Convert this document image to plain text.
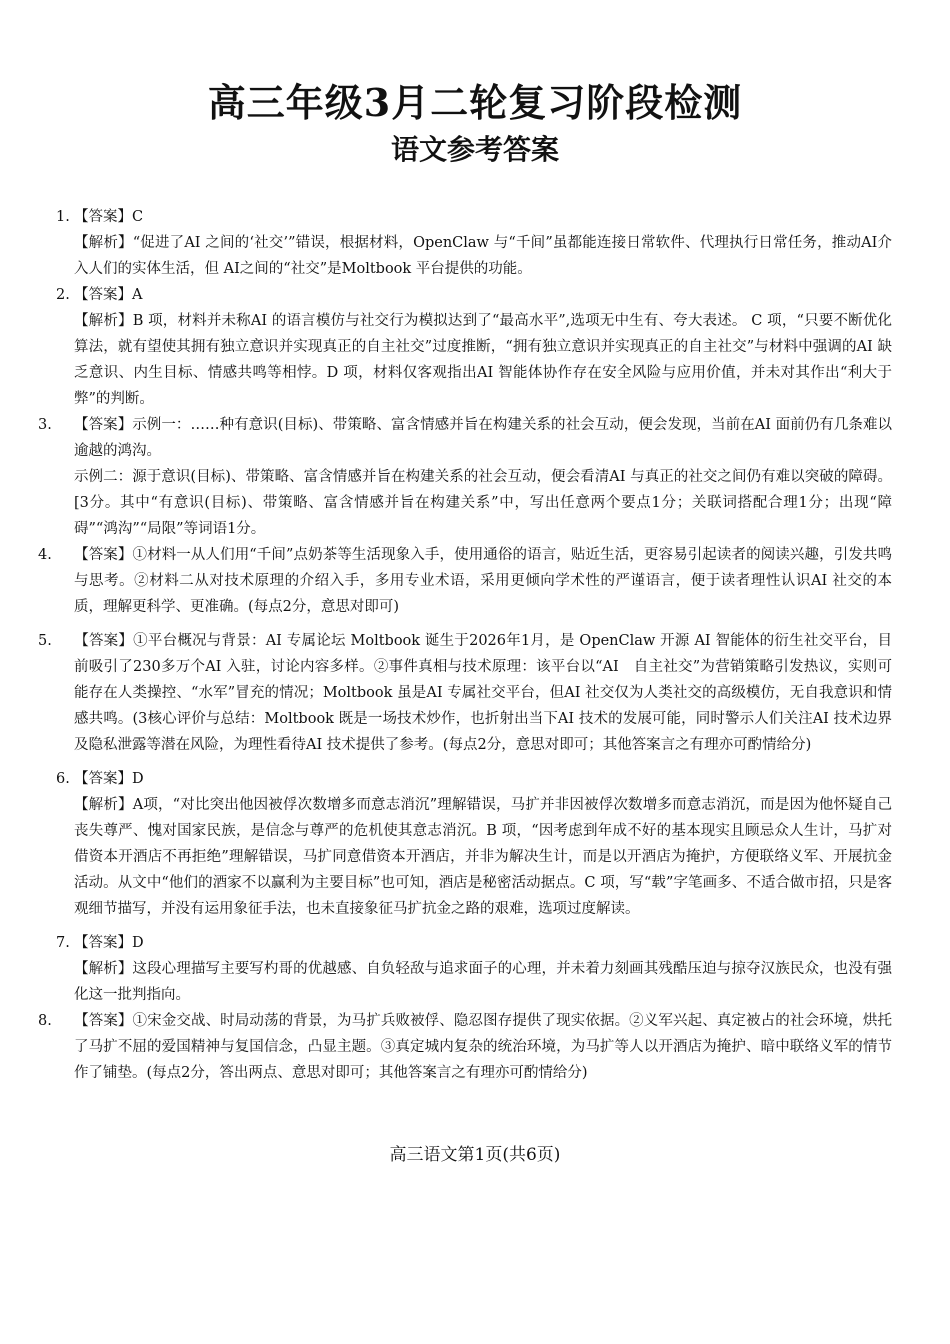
高三年级3月二轮复习阶段检测
语文参考答案
1. 【答案】C
【解析】“促进了AI 之间的‘社交’”错误，根据材料，OpenClaw 与“千间”虽都能连接日常软件、代理执行日常任务，推动AI介入人们的实体生活，但 AI之间的“社交”是Moltbook 平台提供的功能。
2. 【答案】A
【解析】B 项，材料并未称AI 的语言模仿与社交行为模拟达到了“最高水平”,选项无中生有、夸大表述。 C 项，“只要不断优化算法，就有望使其拥有独立意识并实现真正的自主社交”过度推断，“拥有独立意识并实现真正的自主社交”与材料中强调的AI 缺乏意识、内生目标、情感共鸣等相悖。D 项，材料仅客观指出AI 智能体协作存在安全风险与应用价值，并未对其作出“利大于弊”的判断。
3. 【答案】示例一：……种有意识(目标)、带策略、富含情感并旨在构建关系的社会互动，便会发现，当前在AI 面前仍有几条难以逾越的鸿沟。
示例二：源于意识(目标)、带策略、富含情感并旨在构建关系的社会互动，便会看清AI 与真正的社交之间仍有难以突破的障碍。[3分。其中“有意识(目标)、带策略、富含情感并旨在构建关系”中，写出任意两个要点1分；关联词搭配合理1分；出现“障碍”“鸿沟”“局限”等词语1分。
4. 【答案】①材料一从人们用“千间”点奶茶等生活现象入手，使用通俗的语言，贴近生活，更容易引起读者的阅读兴趣，引发共鸣与思考。②材料二从对技术原理的介绍入手，多用专业术语，采用更倾向学术性的严谨语言，便于读者理性认识AI 社交的本质，理解更科学、更准确。(每点2分，意思对即可)
5. 【答案】①平台概况与背景：AI 专属论坛 Moltbook 诞生于2026年1月，是 OpenClaw 开源 AI 智能体的衍生社交平台，目前吸引了230多万个AI 入驻，讨论内容多样。②事件真相与技术原理：该平台以“AI　自主社交”为营销策略引发热议，实则可能存在人类操控、“水军”冒充的情况；Moltbook 虽是AI 专属社交平台，但AI 社交仅为人类社交的高级模仿，无自我意识和情感共鸣。(3核心评价与总结：Moltbook 既是一场技术炒作，也折射出当下AI 技术的发展可能，同时警示人们关注AI 技术边界及隐私泄露等潜在风险，为理性看待AI 技术提供了参考。(每点2分，意思对即可；其他答案言之有理亦可酌情给分)
6. 【答案】D
【解析】A项，“对比突出他因被俘次数增多而意志消沉”理解错误，马扩并非因被俘次数增多而意志消沉，而是因为他怀疑自己丧失尊严、愧对国家民族，是信念与尊严的危机使其意志消沉。B 项，“因考虑到年成不好的基本现实且顾忌众人生计，马扩对借资本开酒店不再拒绝”理解错误，马扩同意借资本开酒店，并非为解决生计，而是以开酒店为掩护，方便联络义军、开展抗金活动。从文中“他们的酒家不以赢利为主要目标”也可知，酒店是秘密活动据点。C 项，写“载”字笔画多、不适合做市招，只是客观细节描写，并没有运用象征手法，也未直接象征马扩抗金之路的艰难，选项过度解读。
7. 【答案】D
【解析】这段心理描写主要写杓哥的优越感、自负轻敌与追求面子的心理，并未着力刻画其残酷压迫与掠夺汉族民众，也没有强化这一批判指向。
8. 【答案】①宋金交战、时局动荡的背景，为马扩兵败被俘、隐忍图存提供了现实依据。②义军兴起、真定被占的社会环境，烘托了马扩不屈的爱国精神与复国信念，凸显主题。③真定城内复杂的统治环境，为马扩等人以开酒店为掩护、暗中联络义军的情节作了铺垫。(每点2分，答出两点、意思对即可；其他答案言之有理亦可酌情给分)
高三语文第1页(共6页)
